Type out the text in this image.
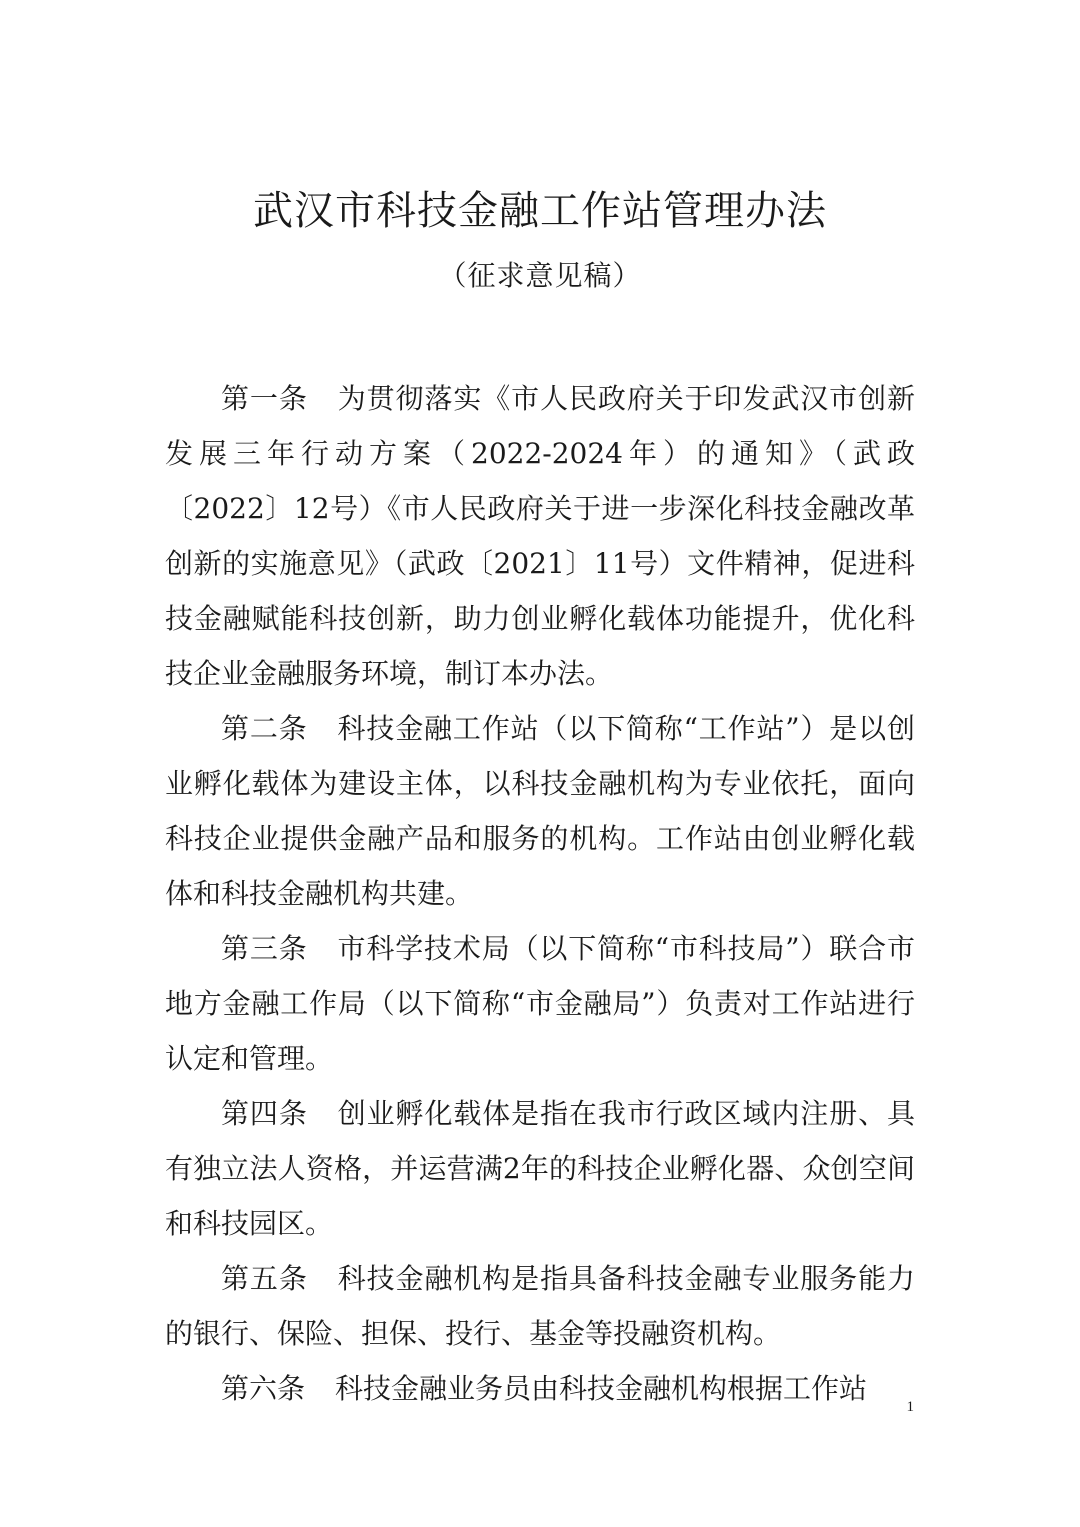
武汉市科技金融工作站管理办法
（征求意见稿）

第一条 为贯彻落实《市人民政府关于印发武汉市创新发展三年行动方案（2022-2024年）的通知》（武政〔2022〕12号）《市人民政府关于进一步深化科技金融改革创新的实施意见》（武政〔2021〕11号）文件精神，促进科技金融赋能科技创新，助力创业孵化载体功能提升，优化科技企业金融服务环境，制订本办法。

第二条 科技金融工作站（以下简称“工作站”）是以创业孵化载体为建设主体，以科技金融机构为专业依托，面向科技企业提供金融产品和服务的机构。工作站由创业孵化载体和科技金融机构共建。

第三条 市科学技术局（以下简称“市科技局”）联合市地方金融工作局（以下简称“市金融局”）负责对工作站进行认定和管理。

第四条 创业孵化载体是指在我市行政区域内注册、具有独立法人资格，并运营满2年的科技企业孵化器、众创空间和科技园区。

第五条 科技金融机构是指具备科技金融专业服务能力的银行、保险、担保、投行、基金等投融资机构。

第六条 科技金融业务员由科技金融机构根据工作站

1
